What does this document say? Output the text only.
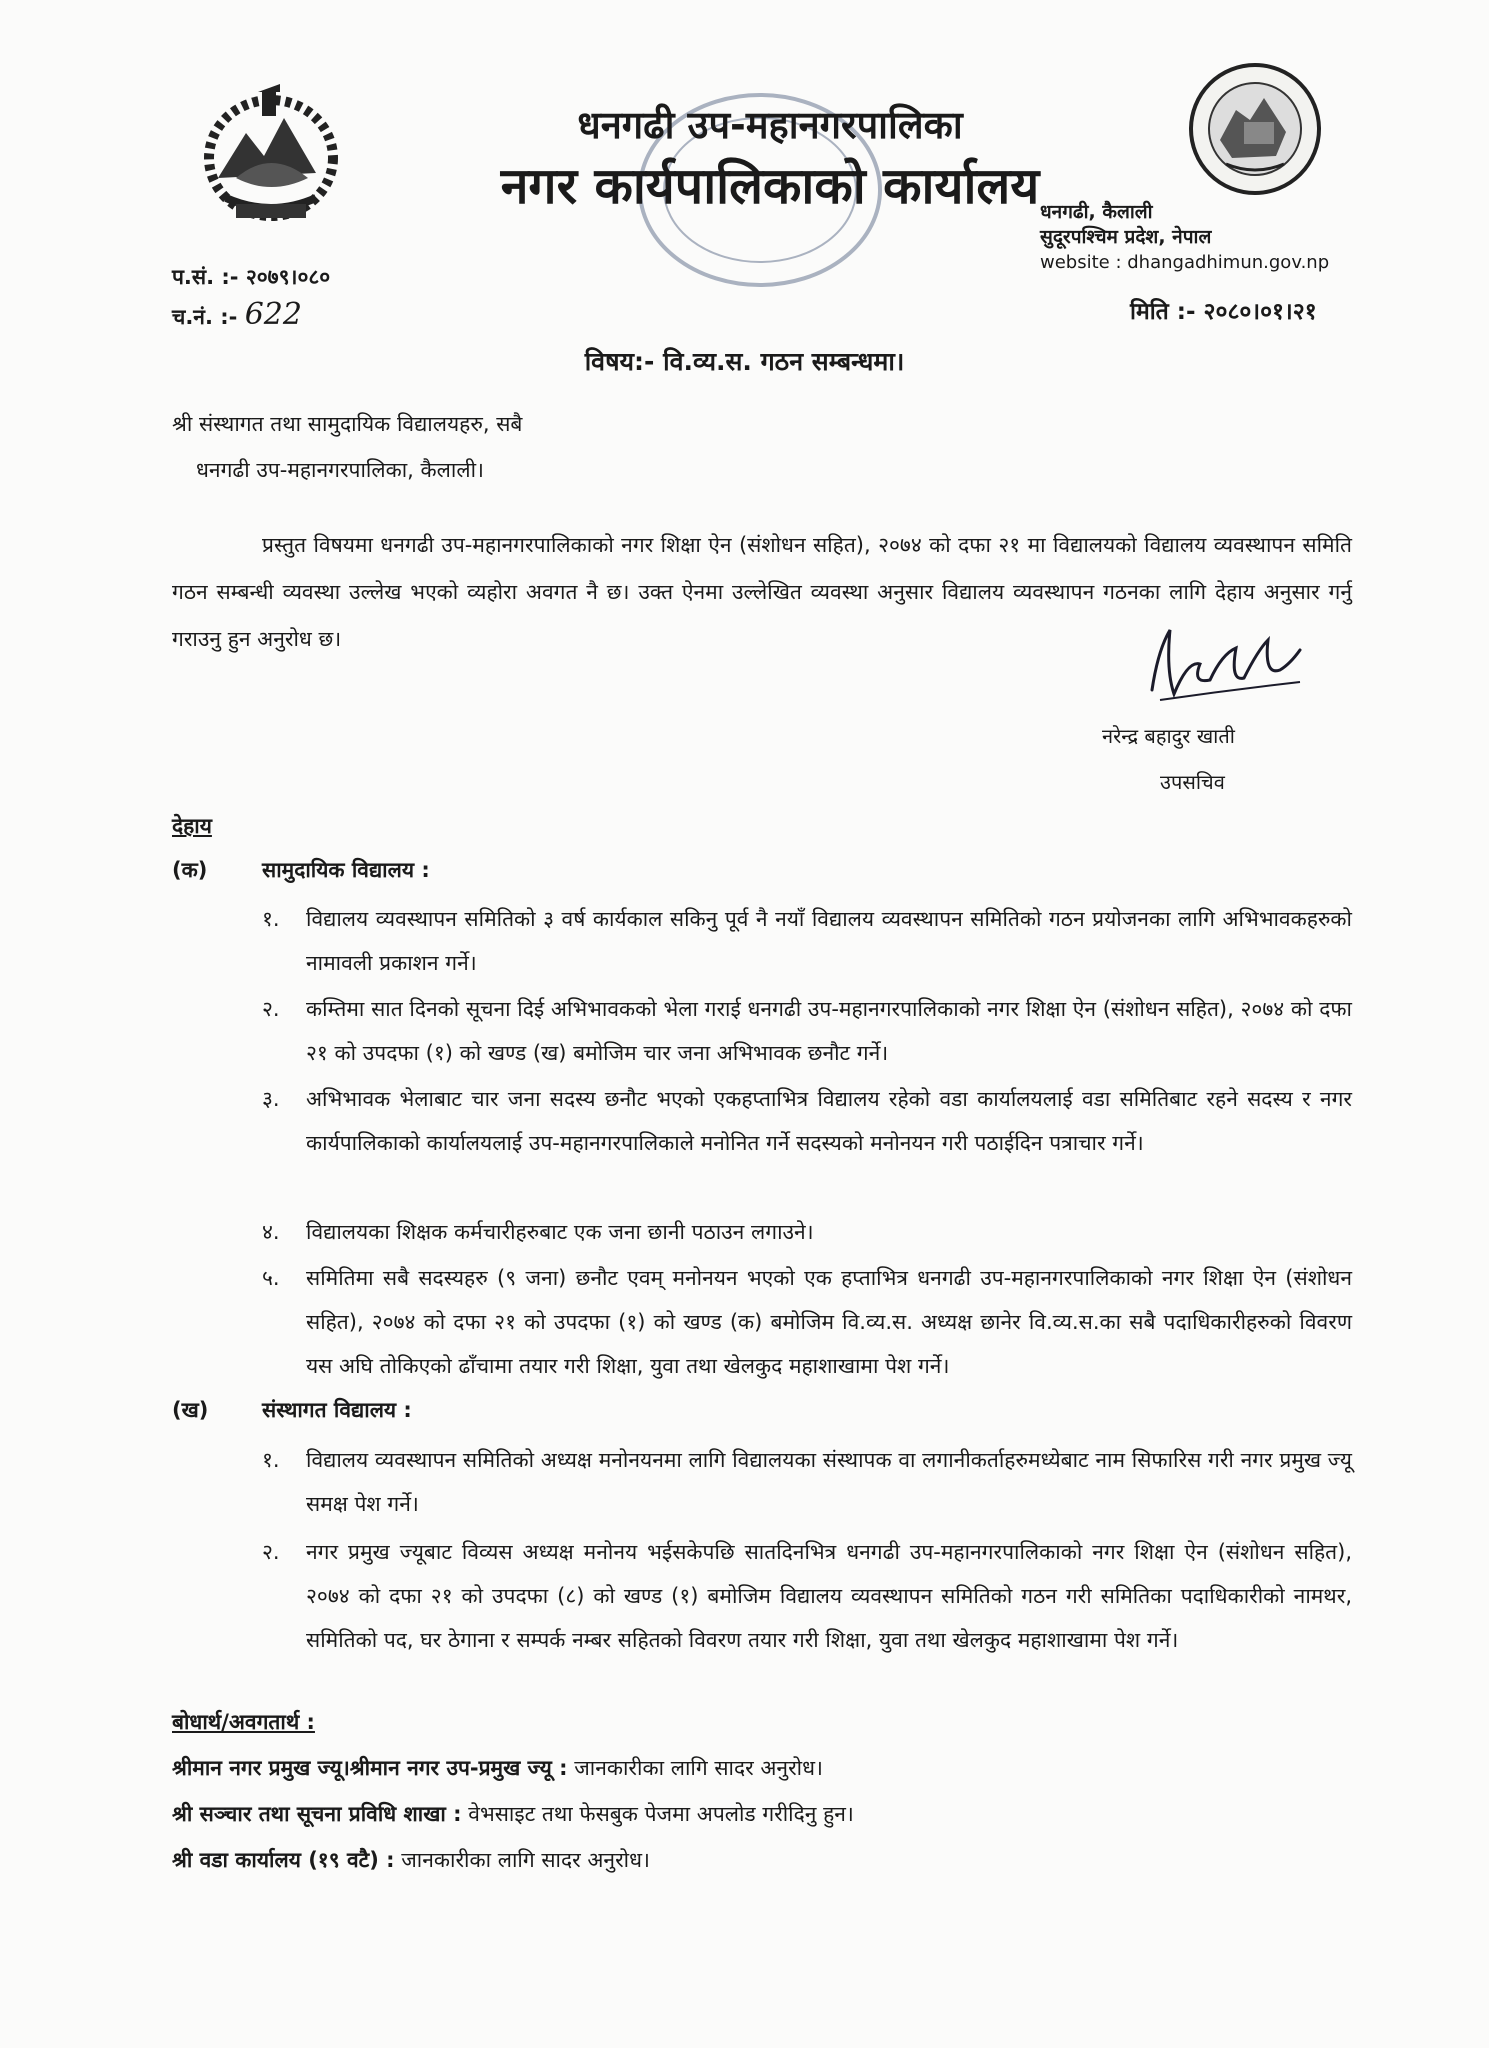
धनगढी उप-महानगरपालिका
नगर कार्यपालिकाको कार्यालय धनगढी, कैलाली
सुदूरपश्चिम प्रदेश, नेपाल
website : dhangadhimun.gov.np
प.सं. :- २०७९।०८०
च.नं. :- 622	मिति :- २०८०।०१।२१
विषय:- वि.व्य.स. गठन सम्बन्धमा।
श्री संस्थागत तथा सामुदायिक विद्यालयहरु, सबै
धनगढी उप-महानगरपालिका, कैलाली।
प्रस्तुत विषयमा धनगढी उप-महानगरपालिकाको नगर शिक्षा ऐन (संशोधन सहित), २०७४ को दफा २१ मा विद्यालयको विद्यालय व्यवस्थापन समिति गठन सम्बन्धी व्यवस्था उल्लेख भएको व्यहोरा अवगत नै छ। उक्त ऐनमा उल्लेखित व्यवस्था अनुसार विद्यालय व्यवस्थापन गठनका लागि देहाय अनुसार गर्नु गराउनु हुन अनुरोध छ।
नरेन्द्र बहादुर खाती
उपसचिव
देहाय
(क)	सामुदायिक विद्यालय :
१. विद्यालय व्यवस्थापन समितिको ३ वर्ष कार्यकाल सकिनु पूर्व नै नयाँ विद्यालय व्यवस्थापन समितिको गठन प्रयोजनका लागि अभिभावकहरुको नामावली प्रकाशन गर्ने।
२. कम्तिमा सात दिनको सूचना दिई अभिभावकको भेला गराई धनगढी उप-महानगरपालिकाको नगर शिक्षा ऐन (संशोधन सहित), २०७४ को दफा २१ को उपदफा (१) को खण्ड (ख) बमोजिम चार जना अभिभावक छनौट गर्ने।
३. अभिभावक भेलाबाट चार जना सदस्य छनौट भएको एकहप्ताभित्र विद्यालय रहेको वडा कार्यालयलाई वडा समितिबाट रहने सदस्य र नगर कार्यपालिकाको कार्यालयलाई उप-महानगरपालिकाले मनोनित गर्ने सदस्यको मनोनयन गरी पठाईदिन पत्राचार गर्ने।
४. विद्यालयका शिक्षक कर्मचारीहरुबाट एक जना छानी पठाउन लगाउने।
५. समितिमा सबै सदस्यहरु (९ जना) छनौट एवम् मनोनयन भएको एक हप्ताभित्र धनगढी उप-महानगरपालिकाको नगर शिक्षा ऐन (संशोधन सहित), २०७४ को दफा २१ को उपदफा (१) को खण्ड (क) बमोजिम वि.व्य.स. अध्यक्ष छानेर वि.व्य.स.का सबै पदाधिकारीहरुको विवरण यस अघि तोकिएको ढाँचामा तयार गरी शिक्षा, युवा तथा खेलकुद महाशाखामा पेश गर्ने।
(ख)	संस्थागत विद्यालय :
१. विद्यालय व्यवस्थापन समितिको अध्यक्ष मनोनयनमा लागि विद्यालयका संस्थापक वा लगानीकर्ताहरुमध्येबाट नाम सिफारिस गरी नगर प्रमुख ज्यू समक्ष पेश गर्ने।
२. नगर प्रमुख ज्यूबाट विव्यस अध्यक्ष मनोनय भईसकेपछि सातदिनभित्र धनगढी उप-महानगरपालिकाको नगर शिक्षा ऐन (संशोधन सहित), २०७४ को दफा २१ को उपदफा (८) को खण्ड (१) बमोजिम विद्यालय व्यवस्थापन समितिको गठन गरी समितिका पदाधिकारीको नामथर, समितिको पद, घर ठेगाना र सम्पर्क नम्बर सहितको विवरण तयार गरी शिक्षा, युवा तथा खेलकुद महाशाखामा पेश गर्ने।
बोधार्थ/अवगतार्थ :
श्रीमान नगर प्रमुख ज्यू।श्रीमान नगर उप-प्रमुख ज्यू : जानकारीका लागि सादर अनुरोध।
श्री सञ्चार तथा सूचना प्रविधि शाखा : वेभसाइट तथा फेसबुक पेजमा अपलोड गरीदिनु हुन।
श्री वडा कार्यालय (१९ वटै) : जानकारीका लागि सादर अनुरोध।
